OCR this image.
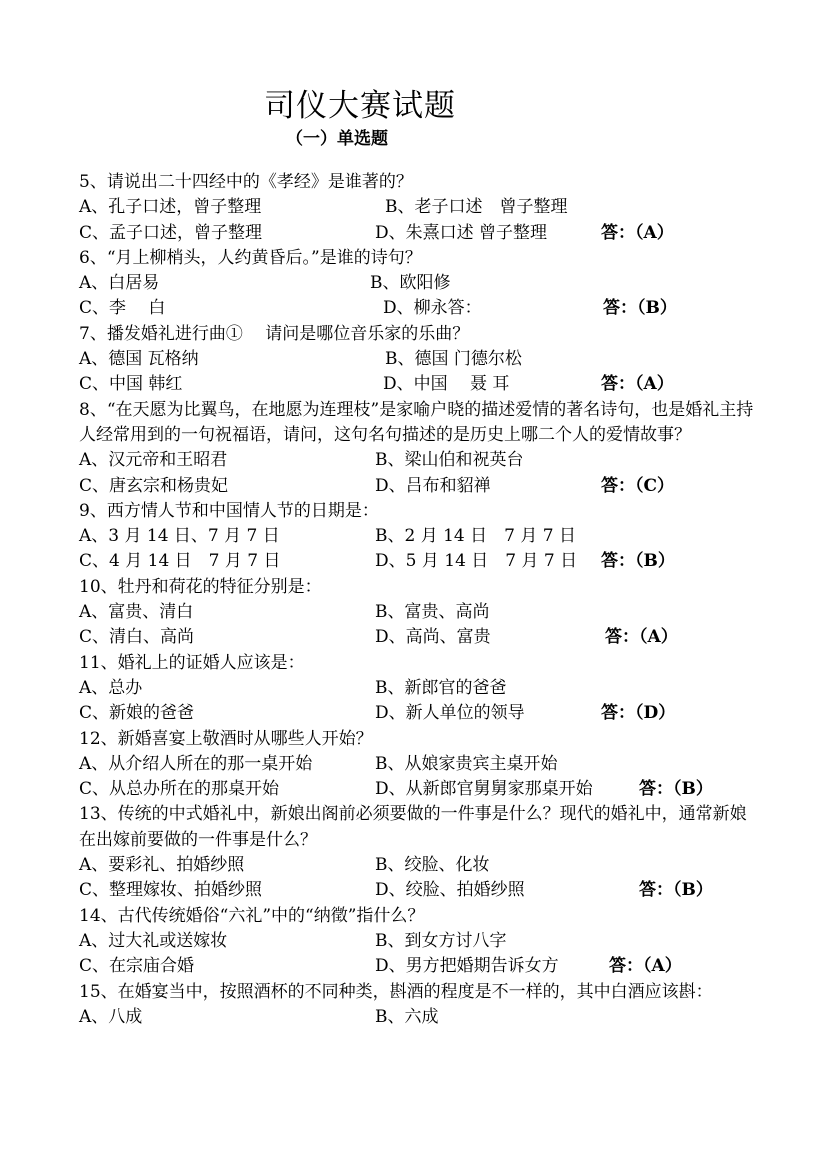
司仪大赛试题
（一）单选题
5、请说出二十四经中的《孝经》是谁著的？
A、孔子口述，曾子整理	B、老子口述　曾子整理
C、孟子口述，曾子整理	D、朱熹口述 曾子整理	答：（A）
6、“月上柳梢头，人约黄昏后。”是谁的诗句？
A、白居易	B、欧阳修
C、李　 白	D、柳永答：	答：（B）
7、播发婚礼进行曲①　 请问是哪位音乐家的乐曲？
A、德国 瓦格纳	B、德国 门德尔松
C、中国 韩红	D、中国　 聂 耳	答：（A）
8、“在天愿为比翼鸟，在地愿为连理枝”是家喻户晓的描述爱情的著名诗句，也是婚礼主持人经常用到的一句祝福语，请问，这句名句描述的是历史上哪二个人的爱情故事？
A、汉元帝和王昭君	B、梁山伯和祝英台
C、唐玄宗和杨贵妃	D、吕布和貂禅	答：（C）
9、西方情人节和中国情人节的日期是：
A、3 月 14 日、7 月 7 日	B、2 月 14 日　7 月 7 日
C、4 月 14 日　7 月 7 日	D、5 月 14 日　7 月 7 日 答：（B）
10、牡丹和荷花的特征分别是：
A、富贵、清白	B、富贵、高尚
C、清白、高尚	D、高尚、富贵	答：（A）
11、婚礼上的证婚人应该是：
A、总办	B、新郎官的爸爸
C、新娘的爸爸	D、新人单位的领导	答：（D）
12、新婚喜宴上敬酒时从哪些人开始？
A、从介绍人所在的那一桌开始	B、从娘家贵宾主桌开始
C、从总办所在的那桌开始	D、从新郎官舅舅家那桌开始	答：（B）
13、传统的中式婚礼中，新娘出阁前必须要做的一件事是什么？现代的婚礼中，通常新娘在出嫁前要做的一件事是什么？
A、要彩礼、拍婚纱照	B、绞脸、化妆
C、整理嫁妆、拍婚纱照	D、绞脸、拍婚纱照	答：（B）
14、古代传统婚俗“六礼”中的“纳徵”指什么？
A、过大礼或送嫁妆	B、到女方讨八字
C、在宗庙合婚	D、男方把婚期告诉女方	答：（A）
15、在婚宴当中，按照酒杯的不同种类，斟酒的程度是不一样的，其中白酒应该斟：
A、八成	B、六成
